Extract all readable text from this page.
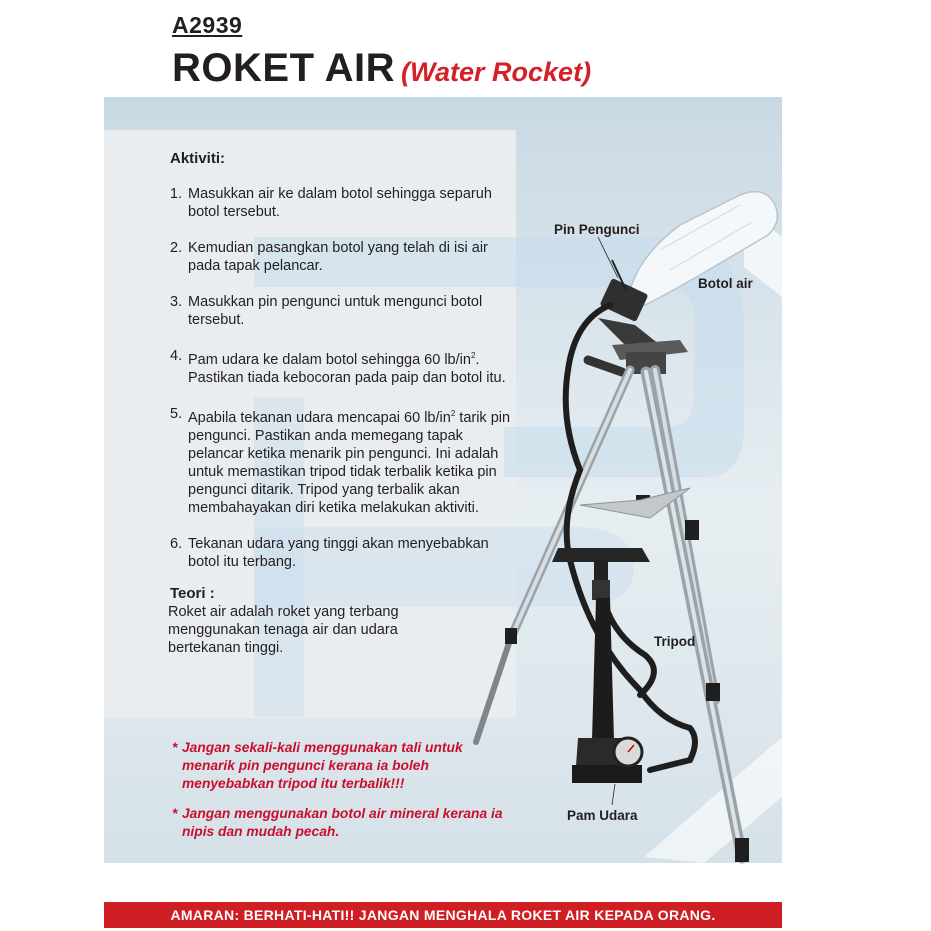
A2939
ROKET AIR (Water Rocket)
Aktiviti:
1. Masukkan air ke dalam botol sehingga separuh botol tersebut.
2. Kemudian pasangkan botol yang telah di isi air pada tapak pelancar.
3. Masukkan pin pengunci untuk mengunci botol tersebut.
4. Pam udara ke dalam botol sehingga 60 $lb/in^2$. Pastikan tiada kebocoran pada paip dan botol itu.
5. Apabila tekanan udara mencapai 60 $lb/in^2$ tarik pin pengunci. Pastikan anda memegang tapak pelancar ketika menarik pin pengunci. Ini adalah untuk memastikan tripod tidak terbalik ketika pin pengunci ditarik. Tripod yang terbalik akan membahayakan diri ketika melakukan aktiviti.
6. Tekanan udara yang tinggi akan menyebabkan botol itu terbang.
Teori :
Roket air adalah roket yang terbang menggunakan tenaga air dan udara bertekanan tinggi.
* Jangan sekali-kali menggunakan tali untuk menarik pin pengunci kerana ia boleh menyebabkan tripod itu terbalik!!!
* Jangan menggunakan botol air mineral kerana ia nipis dan mudah pecah.
Pin Pengunci
Botol air
Tripod
Pam Udara
AMARAN: BERHATI-HATI!! JANGAN MENGHALA ROKET AIR KEPADA ORANG.
